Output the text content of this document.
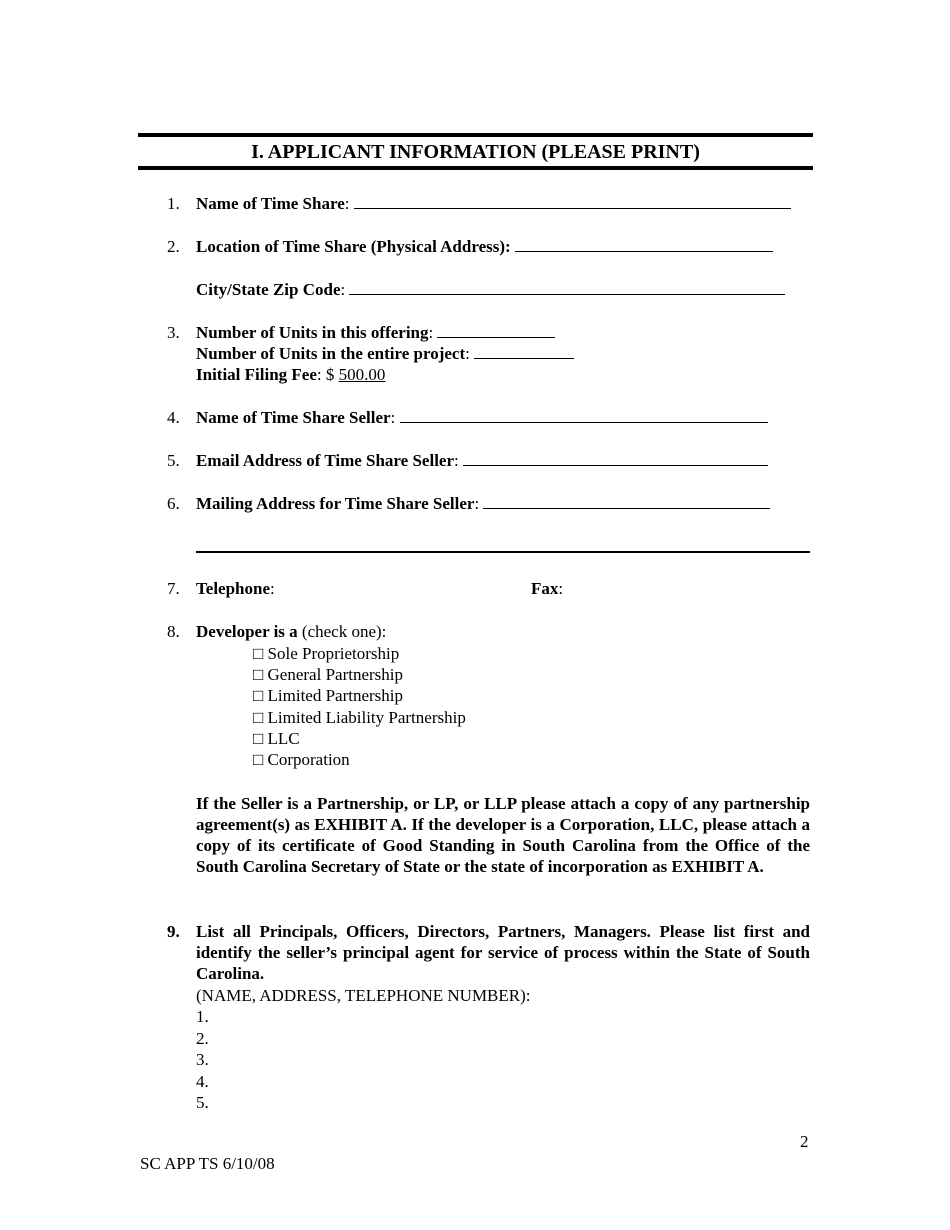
I. APPLICANT INFORMATION (PLEASE PRINT)
1. Name of Time Share:
2. Location of Time Share (Physical Address):
City/State Zip Code:
3. Number of Units in this offering:
Number of Units in the entire project:
Initial Filing Fee: $ 500.00
4. Name of Time Share Seller:
5. Email Address of Time Share Seller:
6. Mailing Address for Time Share Seller:
7. Telephone:	Fax:
8. Developer is a (check one):
□ Sole Proprietorship
□ General Partnership
□ Limited Partnership
□ Limited Liability Partnership
□ LLC
□ Corporation
If the Seller is a Partnership, or LP, or LLP please attach a copy of any partnership agreement(s) as EXHIBIT A. If the developer is a Corporation, LLC, please attach a copy of its certificate of Good Standing in South Carolina from the Office of the South Carolina Secretary of State or the state of incorporation as EXHIBIT A.
9. List all Principals, Officers, Directors, Partners, Managers. Please list first and identify the seller’s principal agent for service of process within the State of South Carolina.
(NAME, ADDRESS, TELEPHONE NUMBER):
1.
2.
3.
4.
5.
2
SC APP TS 6/10/08
